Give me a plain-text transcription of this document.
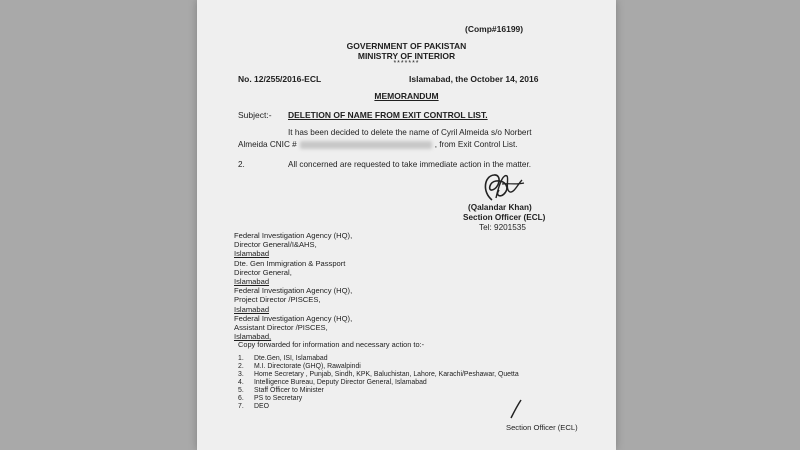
(Comp#16199)
GOVERNMENT OF PAKISTAN
MINISTRY OF INTERIOR
*******
No. 12/255/2016-ECL	Islamabad, the October 14, 2016
MEMORANDUM
Subject:- DELETION OF NAME FROM EXIT CONTROL LIST.
It has been decided to delete the name of Cyril Almeida s/o Norbert
Almeida CNIC #	, from Exit Control List.
2.	All concerned are requested to take immediate action in the matter.
(Qalandar Khan)
Section Officer (ECL)
Tel: 9201535
Federal Investigation Agency (HQ),
Director General/I&AHS,
Islamabad
Dte. Gen Immigration & Passport
Director General,
Islamabad
Federal Investigation Agency (HQ),
Project Director /PISCES,
Islamabad
Federal Investigation Agency (HQ),
Assistant Director /PISCES,
Islamabad,
Copy forwarded for information and necessary action to:-
1. Dte.Gen, ISI, Islamabad
2. M.I. Directorate (GHQ), Rawalpindi
3. Home Secretary , Punjab, Sindh, KPK, Baluchistan, Lahore, Karachi/Peshawar, Quetta
4. Intelligence Bureau, Deputy Director General, Islamabad
5. Staff Officer to Minister
6. PS to Secretary
7. DEO
Section Officer (ECL)
